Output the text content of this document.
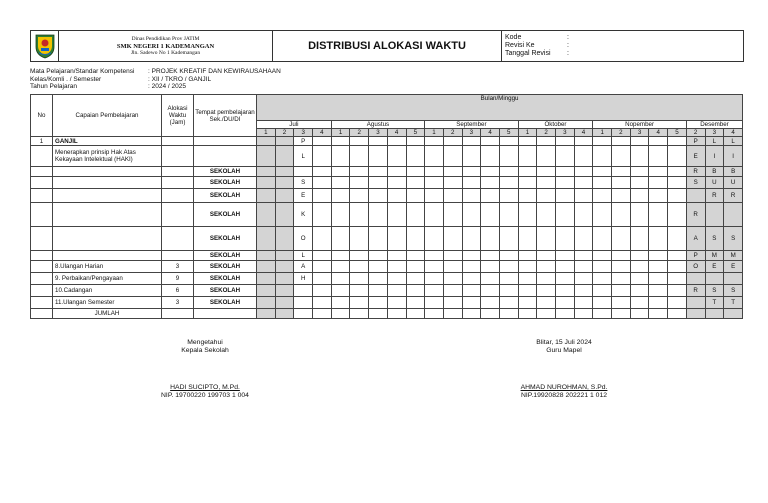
Dinas Pendidikan Prov JATIM
SMK NEGERI 1 KADEMANGAN
Jln. Sadewo No 1 Kademangan
	DISTRIBUSI ALOKASI WAKTU	
Kode	:
Revisi Ke	:
Tanggal Revisi	:
Mata Pelajaran/Standar Kompetensi	: PROJEK KREATIF DAN KEWIRAUSAHAAN
Kelas/Komli . / Semester	: XII / TKRO / GANJIL
Tahun Pelajaran	: 2024 / 2025
No	Capaian Pembelajaran	Alokasi Waktu (Jam)	Tempat pembelajaran Sek./DU/DI	Bulan/Minggu																									
				Juli				Agustus					September					Oktober				Nopember					Desember		
				1	2	3	4	1	2	3	4	5	1	2	3	4	5	1	2	3	4	1	2	3	4	5	2	3	4
1	GANJIL					P																					P	L	L
	Menerapkan prinsip Hak Atas Kekayaan Intelektual (HAKI)					L																					E	I	I
			SEKOLAH																								R	B	B
			SEKOLAH			S																					S	U	U
			SEKOLAH			E																						R	R
			SEKOLAH			K																					R		
			SEKOLAH			O																					A	S	S
			SEKOLAH			L																					P	M	M
	8.Ulangan Harian	3	SEKOLAH			A																					O	E	E
	9. Perbaikan/Pengayaan	9	SEKOLAH			H																							
	10.Cadangan	6	SEKOLAH																								R	S	S
	11.Ulangan Semester	3	SEKOLAH																									T	T
	JUMLAH																												
Mengetahui
Kepala Sekolah
HADI SUCIPTO, M.Pd.
NIP. 19700220 199703 1 004
Blitar, 15 Juli 2024
Guru Mapel
AHMAD NUROHMAN, S.Pd.
NIP.19920828 202221 1 012
